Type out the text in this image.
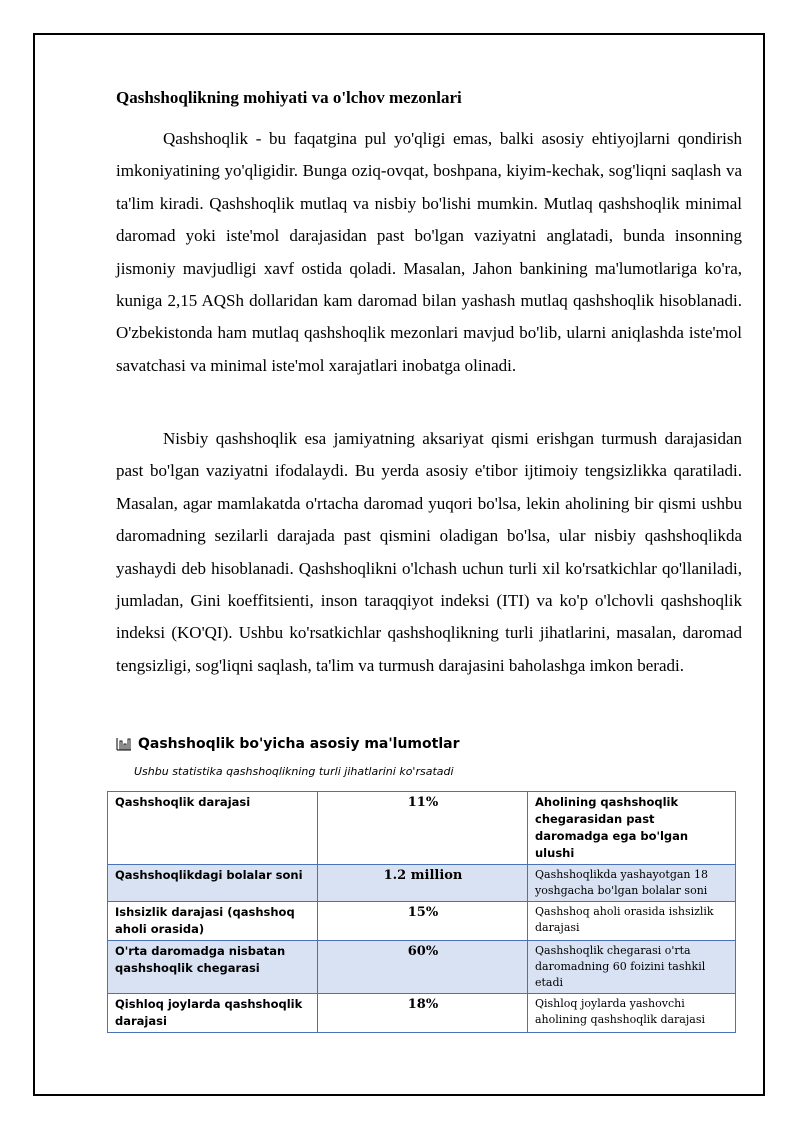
Qashshoqlikning mohiyati va o'lchov mezonlari

Qashshoqlik - bu faqatgina pul yo'qligi emas, balki asosiy ehtiyojlarni qondirish imkoniyatining yo'qligidir. Bunga oziq-ovqat, boshpana, kiyim-kechak, sog'liqni saqlash va ta'lim kiradi. Qashshoqlik mutlaq va nisbiy bo'lishi mumkin. Mutlaq qashshoqlik minimal daromad yoki iste'mol darajasidan past bo'lgan vaziyatni anglatadi, bunda insonning jismoniy mavjudligi xavf ostida qoladi. Masalan, Jahon bankining ma'lumotlariga ko'ra, kuniga 2,15 AQSh dollaridan kam daromad bilan yashash mutlaq qashshoqlik hisoblanadi. O'zbekistonda ham mutlaq qashshoqlik mezonlari mavjud bo'lib, ularni aniqlashda iste'mol savatchasi va minimal iste'mol xarajatlari inobatga olinadi.

Nisbiy qashshoqlik esa jamiyatning aksariyat qismi erishgan turmush darajasidan past bo'lgan vaziyatni ifodalaydi. Bu yerda asosiy e'tibor ijtimoiy tengsizlikka qaratiladi. Masalan, agar mamlakatda o'rtacha daromad yuqori bo'lsa, lekin aholining bir qismi ushbu daromadning sezilarli darajada past qismini oladigan bo'lsa, ular nisbiy qashshoqlikda yashaydi deb hisoblanadi. Qashshoqlikni o'lchash uchun turli xil ko'rsatkichlar qo'llaniladi, jumladan, Gini koeffitsienti, inson taraqqiyot indeksi (ITI) va ko'p o'lchovli qashshoqlik indeksi (KO'QI). Ushbu ko'rsatkichlar qashshoqlikning turli jihatlarini, masalan, daromad tengsizligi, sog'liqni saqlash, ta'lim va turmush darajasini baholashga imkon beradi.

Qashshoqlik bo'yicha asosiy ma'lumotlar
Ushbu statistika qashshoqlikning turli jihatlarini ko'rsatadi
Qashshoqlik darajasi	11%	Aholining qashshoqlik chegarasidan past daromadga ega bo'lgan ulushi
Qashshoqlikdagi bolalar soni	1.2 million	Qashshoqlikda yashayotgan 18 yoshgacha bo'lgan bolalar soni
Ishsizlik darajasi (qashshoq aholi orasida)	15%	Qashshoq aholi orasida ishsizlik darajasi
O'rta daromadga nisbatan qashshoqlik chegarasi	60%	Qashshoqlik chegarasi o'rta daromadning 60 foizini tashkil etadi
Qishloq joylarda qashshoqlik darajasi	18%	Qishloq joylarda yashovchi aholining qashshoqlik darajasi
